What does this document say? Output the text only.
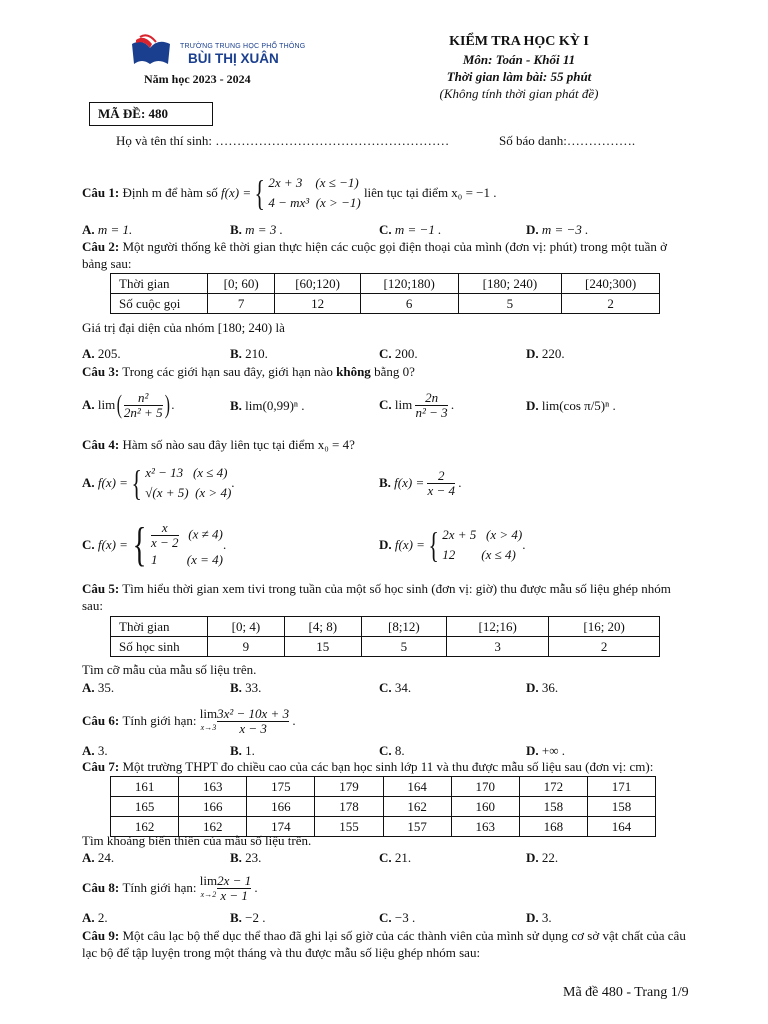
TRƯỜNG TRUNG HỌC PHỔ THÔNG
BÙI THỊ XUÂN
Năm học 2023 - 2024
KIỂM TRA HỌC KỲ I
Môn: Toán - Khối 11
Thời gian làm bài: 55 phút
(Không tính thời gian phát đề)
MÃ ĐỀ: 480
Họ và tên thí sinh: ………………………………………………	Số báo danh:…………….
Câu 1:
Định m để hàm số
f(x) = { 2x + 3 (x ≤ −1)
4 − mx³ (x > −1)

liên tục tại điểm x₀ = −1 .
A. m = 1.	B. m = 3 .	C. m = −1 .	D. m = −3 .
Câu 2: Một người thống kê thời gian thực hiện các cuộc gọi điện thoại của mình (đơn vị: phút) trong một tuần ở
bảng sau:
Thời gian	[0; 60)	[60;120)	[120;180)	[180; 240)	[240;300)
Số cuộc gọi	7	12	6	5	2
Giá trị đại diện của nhóm [180; 240) là
A. 205.	B. 210.	C. 200.	D. 220.
Câu 3: Trong các giới hạn sau đây, giới hạn nào không bằng 0?
A. lim ( $\frac{\text{n²}}{\text{2n² + 5}}$ ) .	B. lim(0,99)ⁿ .	C. $\lim \frac{2n}{\text{n² − 3}}$ .	D. lim(cos π/5)ⁿ .
Câu 4: Hàm số nào sau đây liên tục tại điểm x₀ = 4?
A.
f(x) = { x² − 13 (x ≤ 4)
√(x + 5) (x > 4)
.	B.
f(x) =
$\frac{2}{x - 4}$ .
C.
f(x) = { $\frac{x}{x - 2} (x \ne 4)$
1 (x = 4)
.	D.
f(x) = { 2x + 5 (x > 4)
12 (x ≤ 4)
.
Câu 5: Tìm hiểu thời gian xem tivi trong tuần của một số học sinh (đơn vị: giờ) thu được mẫu số liệu ghép nhóm
sau:
Thời gian	[0; 4)	[4; 8)	[8;12)	[12;16)	[16; 20)
Số học sinh	9	15	5	3	2
Tìm cỡ mẫu của mẫu số liệu trên.
A. 35.	B. 33.	C. 34.	D. 36.
Câu 6:
Tính giới hạn:
lim
$x\to 3 \frac{\text{3x² − 10x + 3}}{x - 3}$ .
A. 3.	B. 1.	C. 8.	D. +∞ .
Câu 7: Một trường THPT đo chiều cao của các bạn học sinh lớp 11 và thu được mẫu số liệu sau (đơn vị: cm):
161	163	175	179	164	170	172	171
165	166	166	178	162	160	158	158
162	162	174	155	157	163	168	164
Tìm khoảng biến thiên của mẫu số liệu trên.
A. 24.	B. 23.	C. 21.	D. 22.
Câu 8:
Tính giới hạn:
lim
$x\to 2 \frac{2x - 1}{x - 1}$ .
A. 2.	B. −2 .	C. −3 .	D. 3.
Câu 9: Một câu lạc bộ thể dục thể thao đã ghi lại số giờ của các thành viên của mình sử dụng cơ sở vật chất của câu
lạc bộ để tập luyện trong một tháng và thu được mẫu số liệu ghép nhóm sau:
Mã đề 480 - Trang 1/9
